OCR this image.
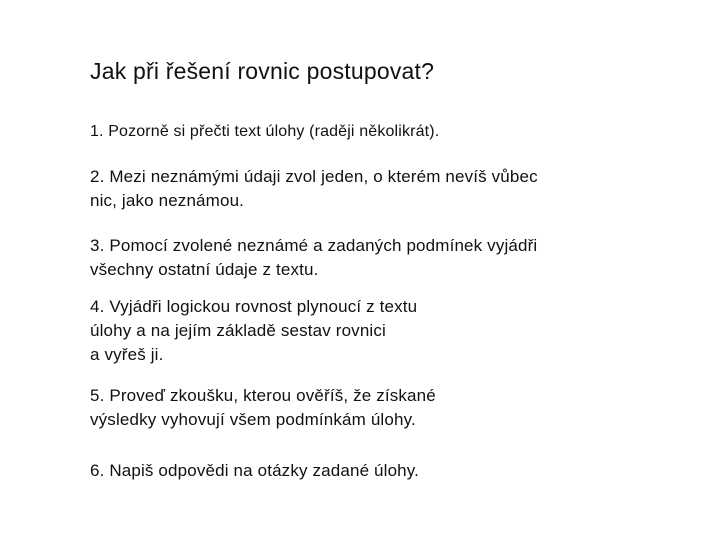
Jak při řešení rovnic postupovat?

1. Pozorně si přečti text úlohy (raději několikrát).

2. Mezi neznámými údaji zvol jeden, o kterém nevíš vůbec
nic, jako neznámou.

3. Pomocí zvolené neznámé a zadaných podmínek vyjádři
všechny ostatní údaje z textu.

4. Vyjádři logickou rovnost plynoucí z textu
úlohy a na jejím základě sestav rovnici
a vyřeš ji.

5. Proveď zkoušku, kterou ověříš, že získané
výsledky vyhovují všem podmínkám úlohy.

6. Napiš odpovědi na otázky zadané úlohy.
